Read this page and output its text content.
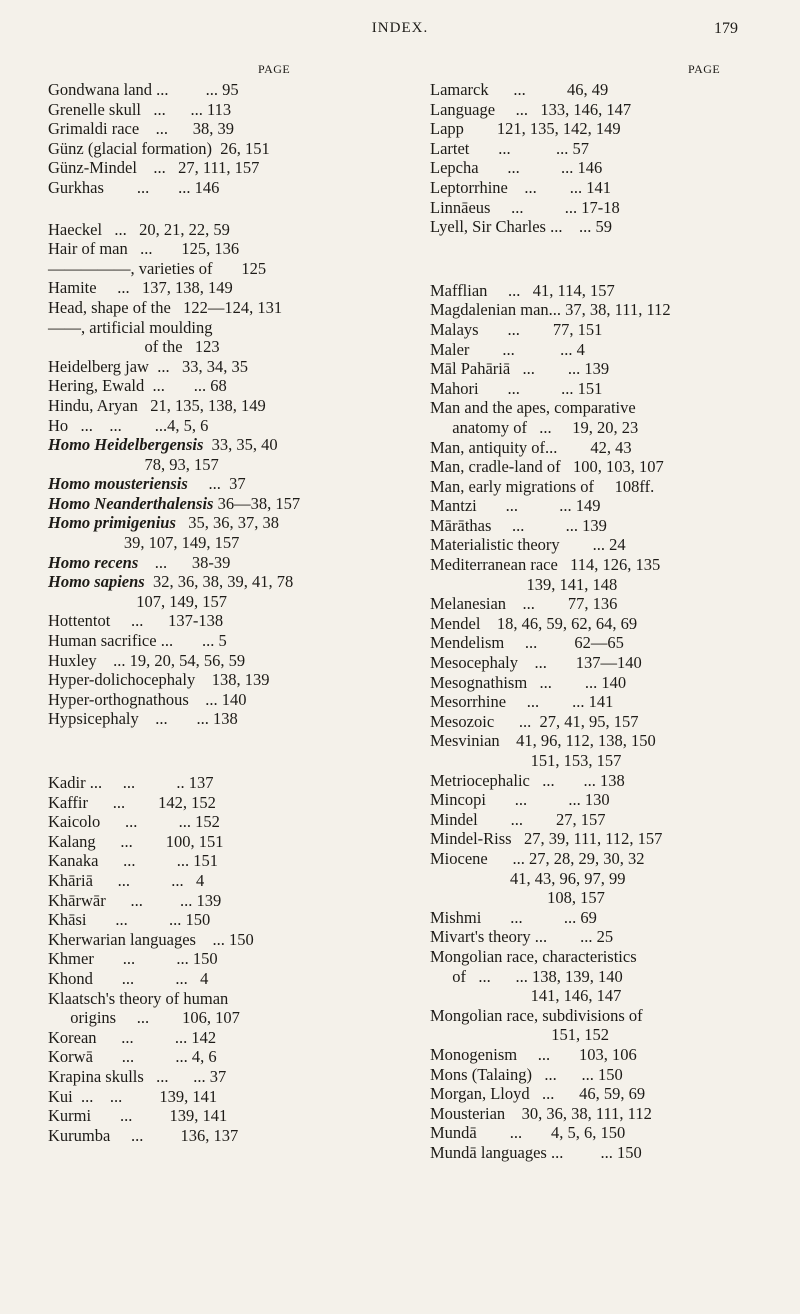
INDEX.	179
PAGE	PAGE

Gondwana land ...         ... 95

Grenelle skull   ...      ... 113

Grimaldi race    ...      38, 39

Günz (glacial formation)  26, 151

Günz-Mindel    ...   27, 111, 157

Gurkhas        ...       ... 146

Haeckel   ...   20, 21, 22, 59

Hair of man   ...       125, 136

—————, varieties of       125

Hamite     ...   137, 138, 149

Head, shape of the   122—124, 131

——, artificial moulding

of the   123

Heidelberg jaw  ...   33, 34, 35

Hering, Ewald  ...       ... 68

Hindu, Aryan   21, 135, 138, 149

Ho   ...    ...        ...4, 5, 6

Homo Heidelbergensis  33, 35, 40

78, 93, 157

Homo mousteriensis     ...  37

Homo Neanderthalensis 36—38, 157

Homo primigenius   35, 36, 37, 38

39, 107, 149, 157

Homo recens    ...      38-39

Homo sapiens  32, 36, 38, 39, 41, 78

107, 149, 157

Hottentot     ...      137-138

Human sacrifice ...       ... 5

Huxley    ... 19, 20, 54, 56, 59

Hyper-dolichocephaly    138, 139

Hyper-orthognathous    ... 140

Hypsicephaly    ...       ... 138

Kadir ...     ...          .. 137

Kaffir      ...        142, 152

Kaicolo      ...          ... 152

Kalang      ...        100, 151

Kanaka      ...          ... 151

Khāriā      ...          ...   4

Khārwār      ...         ... 139

Khāsi       ...          ... 150

Kherwarian languages    ... 150

Khmer       ...          ... 150

Khond       ...          ...   4

Klaatsch's theory of human

origins     ...        106, 107

Korean      ...          ... 142

Korwā       ...          ... 4, 6

Krapina skulls   ...      ... 37

Kui  ...    ...         139, 141

Kurmi       ...         139, 141

Kurumba     ...         136, 137

Lamarck      ...          46, 49

Language     ...   133, 146, 147

Lapp        121, 135, 142, 149

Lartet       ...           ... 57

Lepcha       ...          ... 146

Leptorrhine    ...        ... 141

Linnāeus     ...          ... 17-18

Lyell, Sir Charles ...    ... 59

Mafflian     ...   41, 114, 157

Magdalenian man... 37, 38, 111, 112

Malays       ...        77, 151

Maler        ...           ... 4

Māl Pahāriā   ...        ... 139

Mahori       ...          ... 151

Man and the apes, comparative

anatomy of   ...     19, 20, 23

Man, antiquity of...        42, 43

Man, cradle-land of   100, 103, 107

Man, early migrations of     108ff.

Mantzi       ...          ... 149

Mārāthas     ...          ... 139

Materialistic theory        ... 24

Mediterranean race   114, 126, 135

139, 141, 148

Melanesian    ...        77, 136

Mendel    18, 46, 59, 62, 64, 69

Mendelism     ...         62—65

Mesocephaly    ...       137—140

Mesognathism   ...        ... 140

Mesorrhine     ...        ... 141

Mesozoic      ...  27, 41, 95, 157

Mesvinian    41, 96, 112, 138, 150

151, 153, 157

Metriocephalic   ...       ... 138

Mincopi       ...          ... 130

Mindel        ...        27, 157

Mindel-Riss   27, 39, 111, 112, 157

Miocene      ... 27, 28, 29, 30, 32

41, 43, 96, 97, 99

108, 157

Mishmi       ...          ... 69

Mivart's theory ...        ... 25

Mongolian race, characteristics

of   ...      ... 138, 139, 140

141, 146, 147

Mongolian race, subdivisions of

151, 152

Monogenism     ...       103, 106

Mons (Talaing)   ...      ... 150

Morgan, Lloyd   ...      46, 59, 69

Mousterian    30, 36, 38, 111, 112

Mundā        ...       4, 5, 6, 150

Mundā languages ...         ... 150
